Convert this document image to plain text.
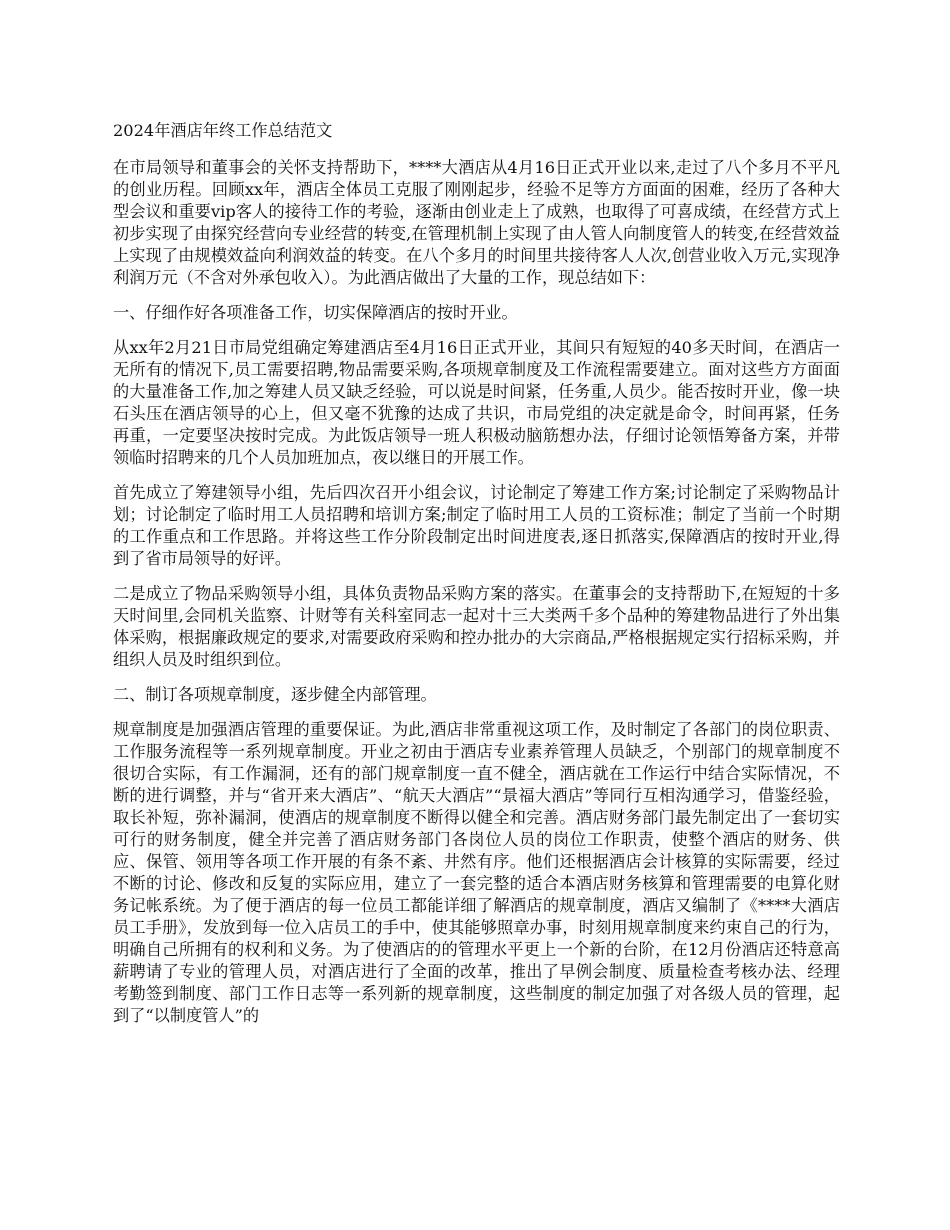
2024年酒店年终工作总结范文

在市局领导和董事会的关怀支持帮助下，****大酒店从4月16日正式开业以来,走过了八个多月不平凡的创业历程。回顾xx年，酒店全体员工克服了刚刚起步，经验不足等方方面面的困难，经历了各种大型会议和重要vip客人的接待工作的考验，逐渐由创业走上了成熟，也取得了可喜成绩，在经营方式上初步实现了由探究经营向专业经营的转变,在管理机制上实现了由人管人向制度管人的转变,在经营效益上实现了由规模效益向利润效益的转变。在八个多月的时间里共接待客人人次,创营业收入万元,实现净利润万元（不含对外承包收入）。为此酒店做出了大量的工作，现总结如下：

一、仔细作好各项准备工作，切实保障酒店的按时开业。

从xx年2月21日市局党组确定筹建酒店至4月16日正式开业，其间只有短短的40多天时间，在酒店一无所有的情况下,员工需要招聘,物品需要采购,各项规章制度及工作流程需要建立。面对这些方方面面的大量准备工作,加之筹建人员又缺乏经验，可以说是时间紧，任务重,人员少。能否按时开业，像一块石头压在酒店领导的心上，但又毫不犹豫的达成了共识，市局党组的决定就是命令，时间再紧，任务再重，一定要坚决按时完成。为此饭店领导一班人积极动脑筋想办法，仔细讨论领悟筹备方案，并带领临时招聘来的几个人员加班加点，夜以继日的开展工作。

首先成立了筹建领导小组，先后四次召开小组会议，讨论制定了筹建工作方案;讨论制定了采购物品计划；讨论制定了临时用工人员招聘和培训方案;制定了临时用工人员的工资标准；制定了当前一个时期的工作重点和工作思路。并将这些工作分阶段制定出时间进度表,逐日抓落实,保障酒店的按时开业,得到了省市局领导的好评。

二是成立了物品采购领导小组，具体负责物品采购方案的落实。在董事会的支持帮助下,在短短的十多天时间里,会同机关监察、计财等有关科室同志一起对十三大类两千多个品种的筹建物品进行了外出集体采购，根据廉政规定的要求,对需要政府采购和控办批办的大宗商品,严格根据规定实行招标采购，并组织人员及时组织到位。

二、制订各项规章制度，逐步健全内部管理。

规章制度是加强酒店管理的重要保证。为此,酒店非常重视这项工作，及时制定了各部门的岗位职责、工作服务流程等一系列规章制度。开业之初由于酒店专业素养管理人员缺乏，个别部门的规章制度不很切合实际，有工作漏洞，还有的部门规章制度一直不健全，酒店就在工作运行中结合实际情况，不断的进行调整，并与“省开来大酒店”、“航天大酒店”“景福大酒店”等同行互相沟通学习，借鉴经验，取长补短，弥补漏洞，使酒店的规章制度不断得以健全和完善。酒店财务部门最先制定出了一套切实可行的财务制度，健全并完善了酒店财务部门各岗位人员的岗位工作职责，使整个酒店的财务、供应、保管、领用等各项工作开展的有条不紊、井然有序。他们还根据酒店会计核算的实际需要，经过不断的讨论、修改和反复的实际应用，建立了一套完整的适合本酒店财务核算和管理需要的电算化财务记帐系统。为了便于酒店的每一位员工都能详细了解酒店的规章制度，酒店又编制了《****大酒店员工手册》，发放到每一位入店员工的手中，使其能够照章办事，时刻用规章制度来约束自己的行为，明确自己所拥有的权利和义务。为了使酒店的的管理水平更上一个新的台阶，在12月份酒店还特意高薪聘请了专业的管理人员，对酒店进行了全面的改革，推出了早例会制度、质量检查考核办法、经理考勤签到制度、部门工作日志等一系列新的规章制度，这些制度的制定加强了对各级人员的管理，起到了“以制度管人”的
